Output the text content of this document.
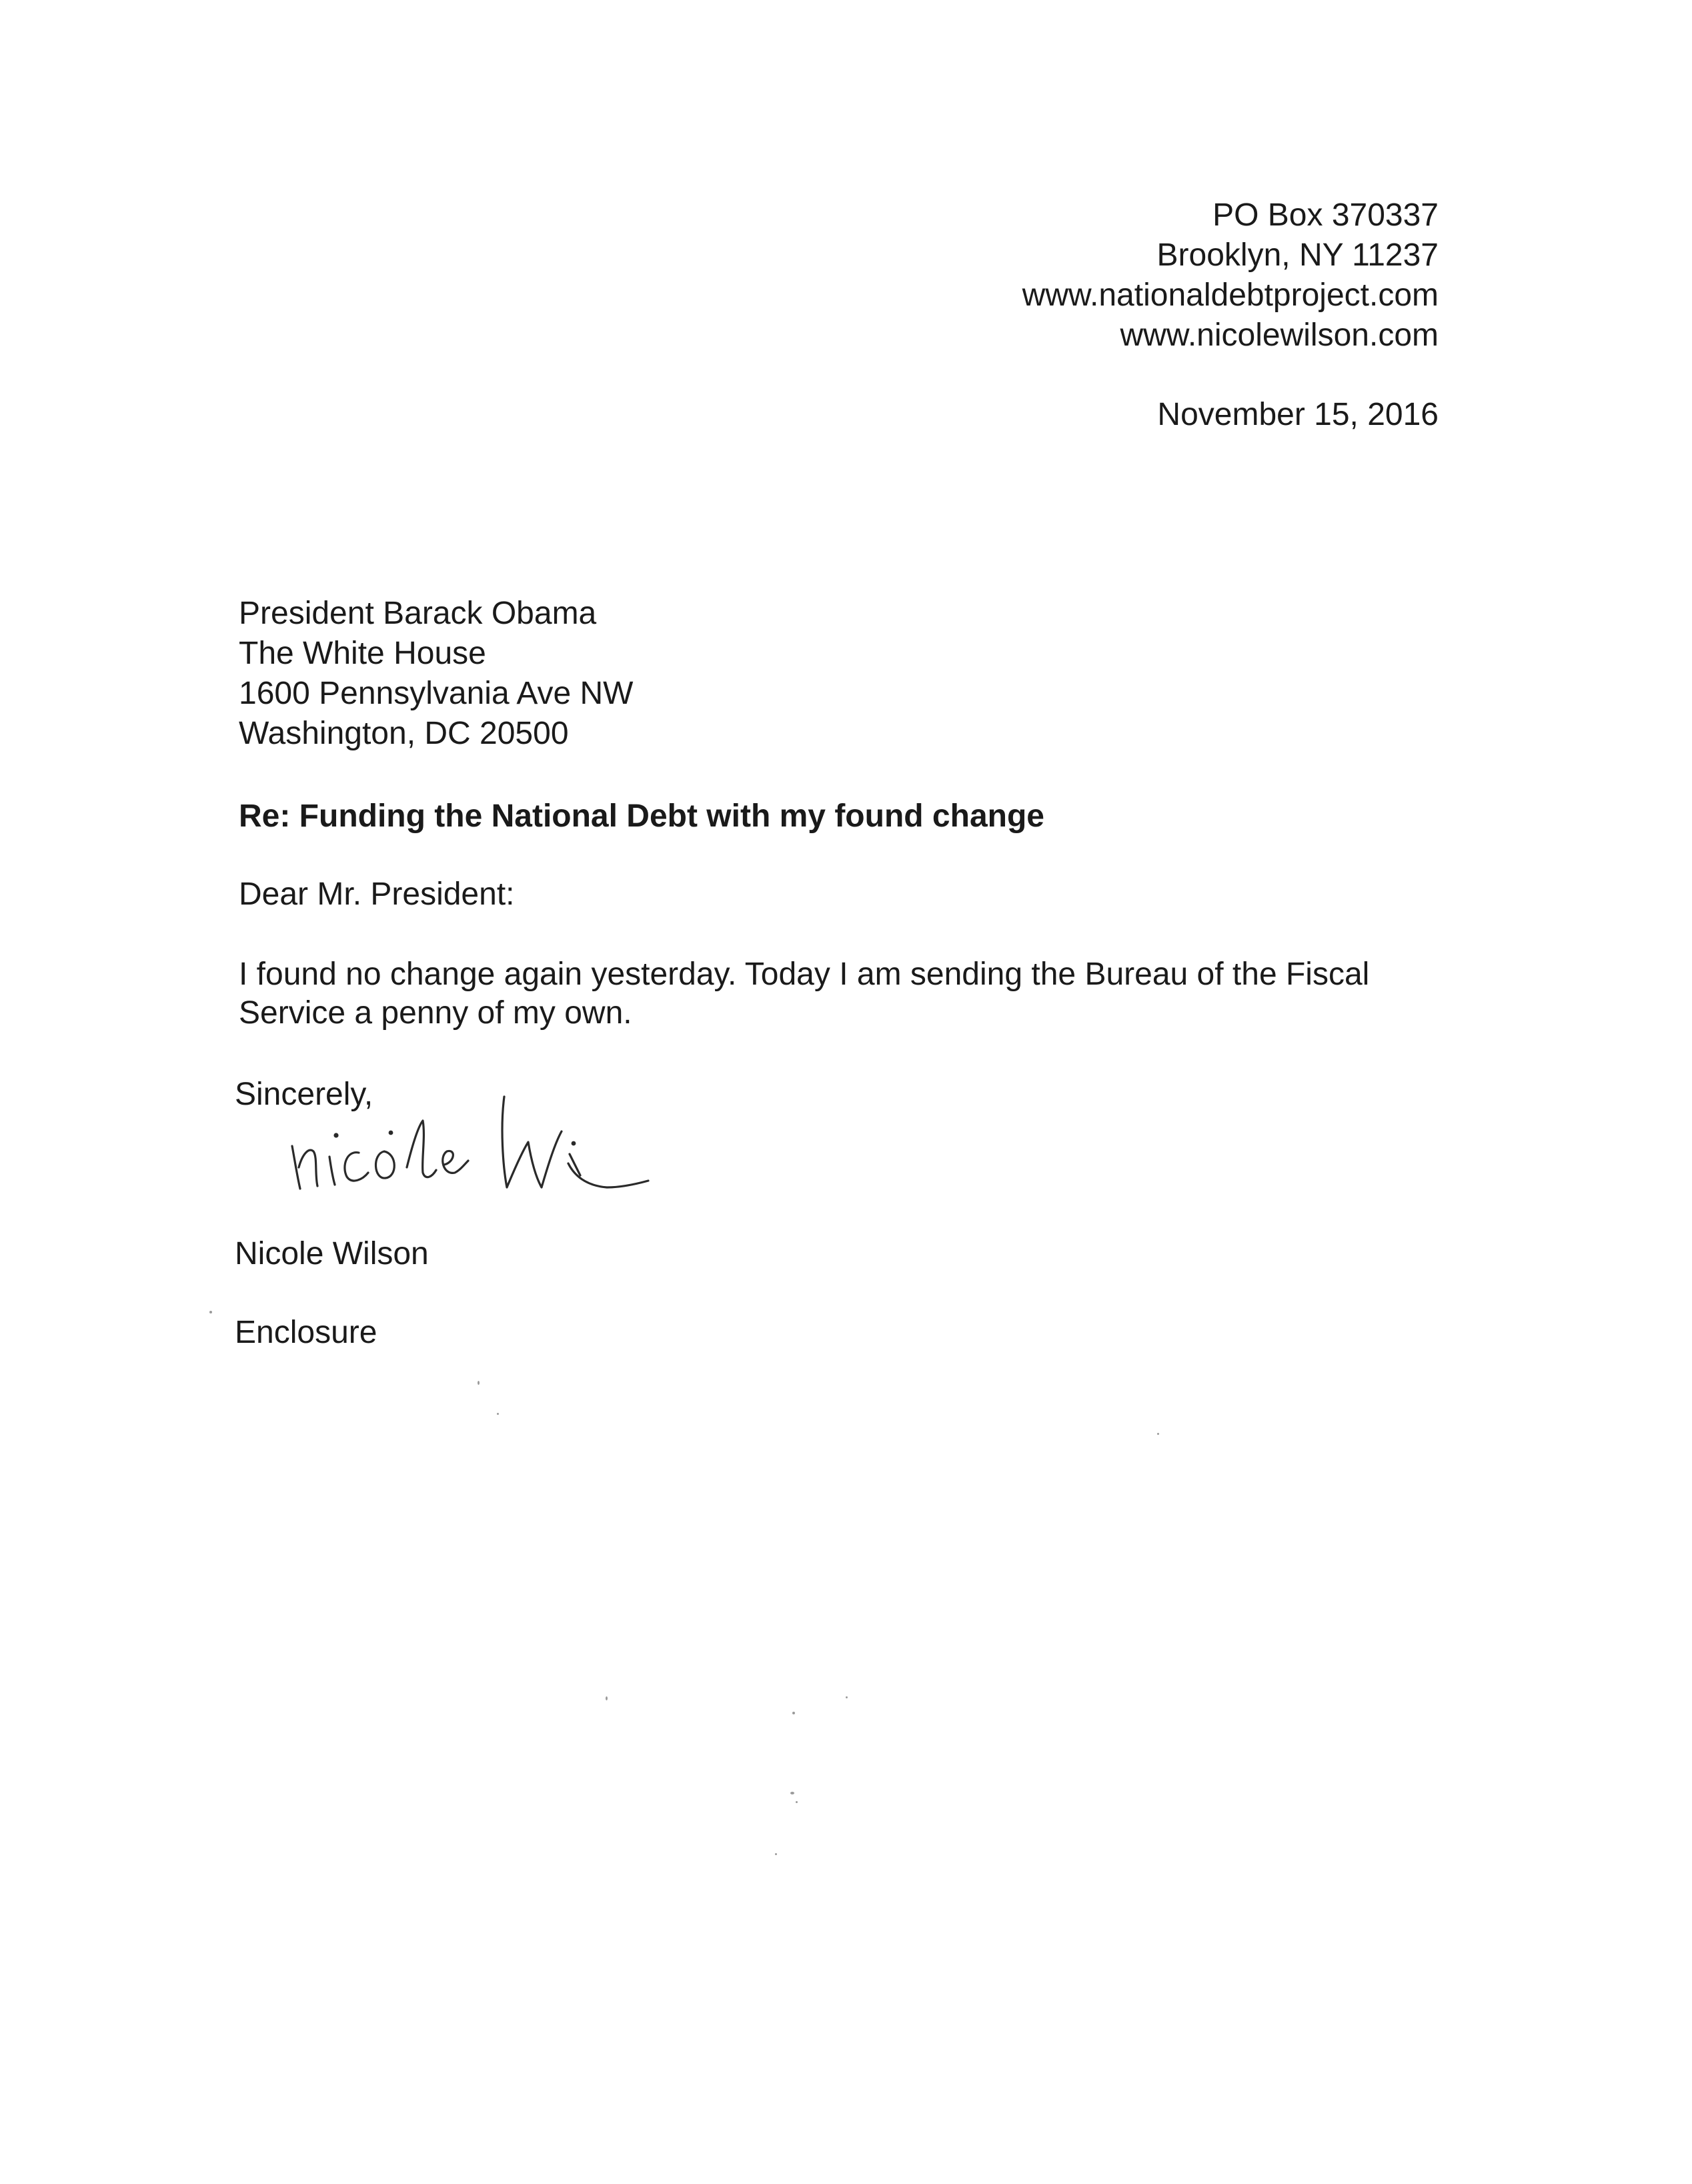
PO Box 370337
Brooklyn, NY 11237
www.nationaldebtproject.com
www.nicolewilson.com
November 15, 2016
President Barack Obama
The White House
1600 Pennsylvania Ave NW
Washington, DC 20500
Re: Funding the National Debt with my found change
Dear Mr. President:
I found no change again yesterday. Today I am sending the Bureau of the Fiscal
Service a penny of my own.
Sincerely,
Nicole Wilson
Enclosure
